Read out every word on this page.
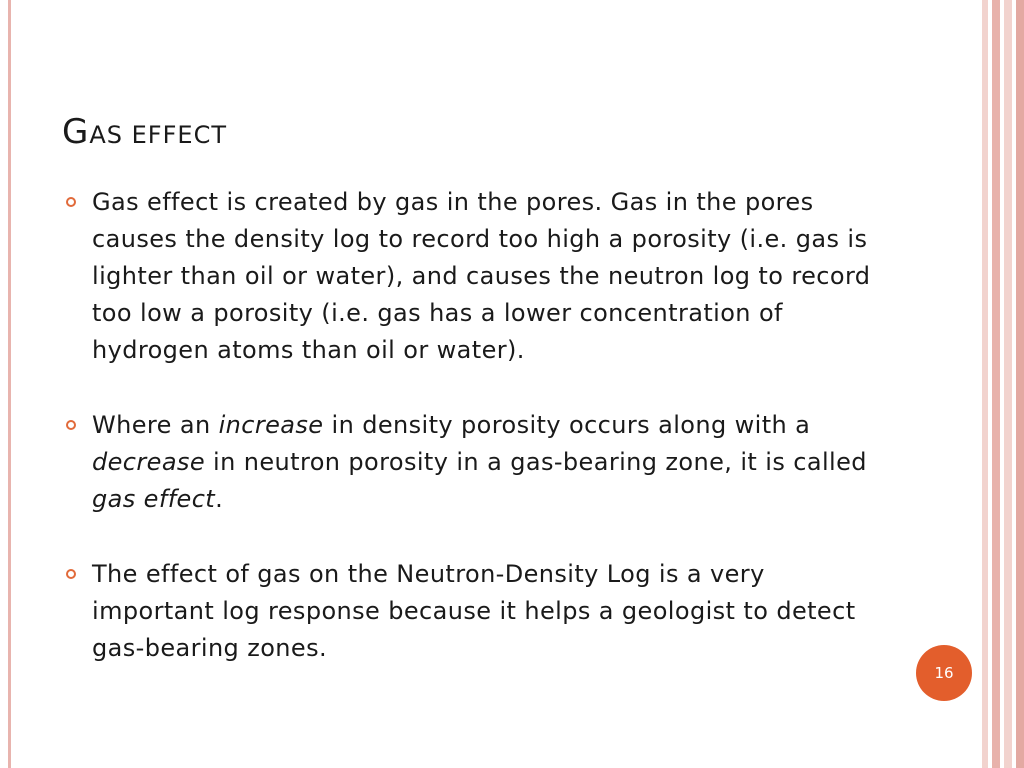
GAS EFFECT
Gas effect is created by gas in the pores. Gas in the pores causes the density log to record too high a porosity (i.e. gas is lighter than oil or water), and causes the neutron log to record too low a porosity (i.e. gas has a lower concentration of hydrogen atoms than oil or water).
Where an increase in density porosity occurs along with a decrease in neutron porosity in a gas-bearing zone, it is called gas effect.
The effect of gas on the Neutron-Density Log is a very important log response because it helps a geologist to detect gas-bearing zones.
16
